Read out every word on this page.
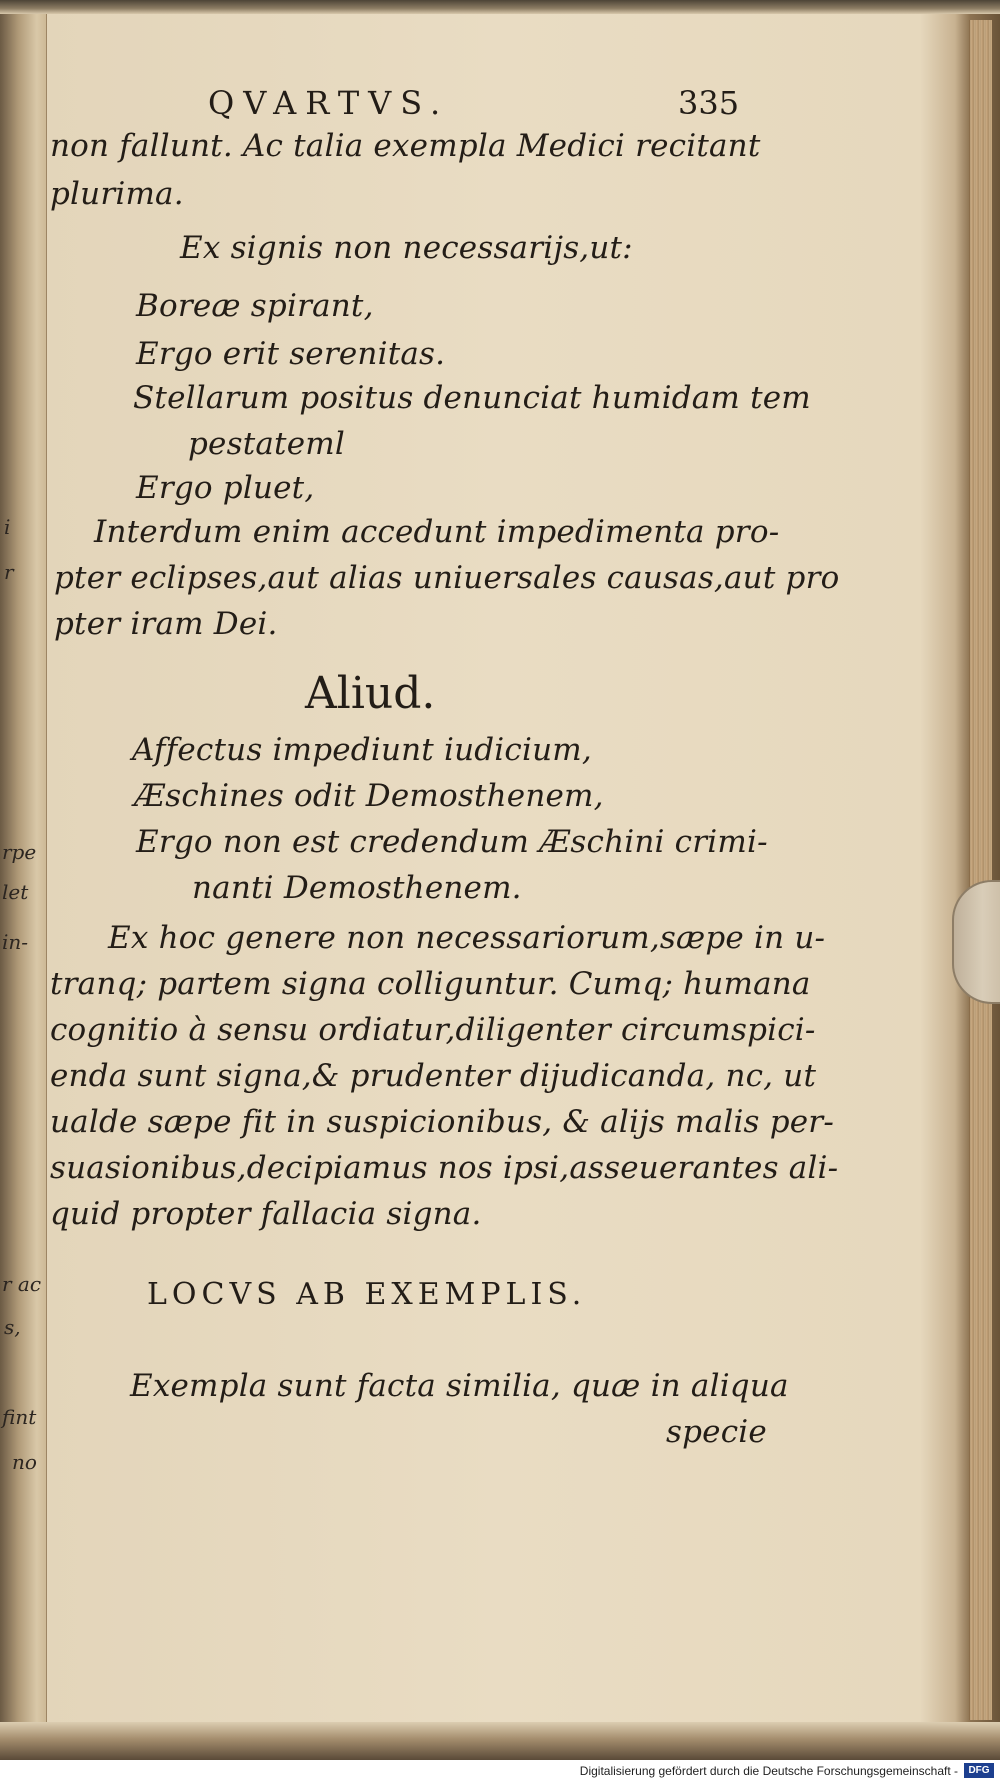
i
r
rpe
let
in-
r ac
s,
fint
no
QVARTVS.	335
non fallunt. Ac talia exempla Medici recitant
plurima.
Ex signis non necessarijs,ut:
Boreæ spirant,
Ergo erit serenitas.
Stellarum positus denunciat humidam tem
pestateml
Ergo pluet,
Interdum enim accedunt impedimenta pro-
pter eclipses,aut alias uniuersales causas,aut pro
pter iram Dei.
Aliud.
Affectus impediunt iudicium,
Æschines odit Demosthenem,
Ergo non est credendum Æschini crimi-
nanti Demosthenem.
Ex hoc genere non necessariorum,sæpe in u-
tranq; partem signa colliguntur. Cumq; humana
cognitio à sensu ordiatur,diligenter circumspici-
enda sunt signa,& prudenter dijudicanda, nc, ut
ualde sæpe fit in suspicionibus, & alijs malis per-
suasionibus,decipiamus nos ipsi,asseuerantes ali-
quid propter fallacia signa.
LOCVS AB EXEMPLIS.
Exempla sunt facta similia, quæ in aliqua
specie
Digitalisierung gefördert durch die Deutsche Forschungsgemeinschaft -	DFG
